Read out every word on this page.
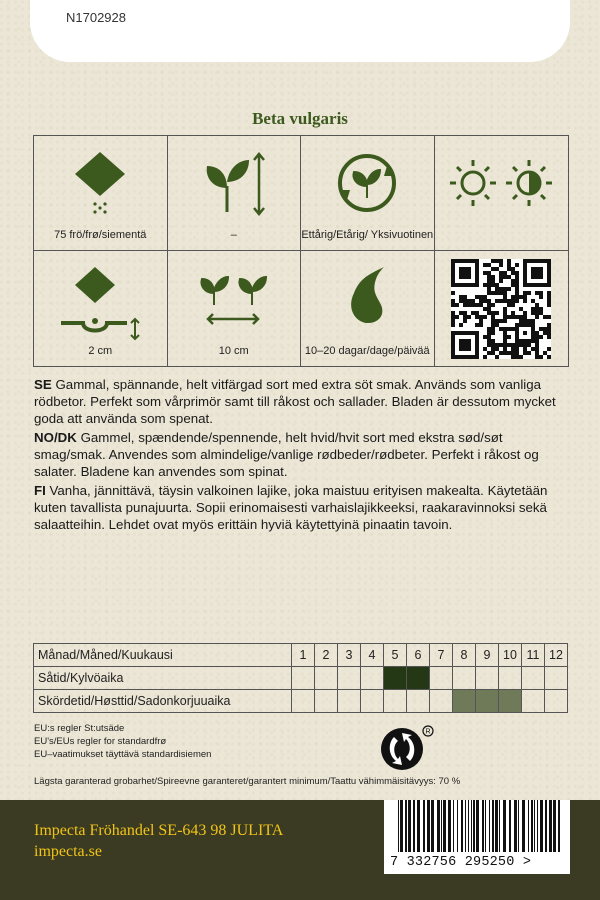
N1702928
Beta vulgaris
75 frö/frø/siementä	–	Ettårig/Etårig/ Yksivuotinen
2 cm	10 cm	10–20 dagar/dage/päivää

SE Gammal, spännande, helt vitfärgad sort med extra söt smak. Används som vanliga rödbetor. Perfekt som vårprimör samt till råkost och sallader. Bladen är dessutom mycket goda att använda som spenat.

NO/DK Gammel, spændende/spennende, helt hvid/hvit sort med ekstra sød/søt smag/smak. Anvendes som almindelige/vanlige rødbeder/rødbeter. Perfekt i råkost og salater. Bladene kan anvendes som spinat.

FI Vanha, jännittävä, täysin valkoinen lajike, joka maistuu erityisen makealta. Käytetään kuten tavallista punajuurta. Sopii erinomaisesti varhaislajikkeeksi, raakaravinnoksi sekä salaatteihin. Lehdet ovat myös erittäin hyviä käytettyinä pinaatin tavoin.

Månad/Måned/Kuukausi	1	2	3	4	5	6	7	8	9	10	11	12
Såtid/Kylvöaika												
Skördetid/Høsttid/Sadonkorjuuaika												
EU:s regler St:utsäde
EU's/EUs regler for standardfrø
EU–vaatimukset täyttävä standardisiemen
R
Lägsta garanterad grobarhet/Spireevne garanteret/garantert minimum/Taattu vähimmäisitävyys: 70 %
Impecta Fröhandel SE-643 98 JULITA
impecta.se
7 332756 295250 >
